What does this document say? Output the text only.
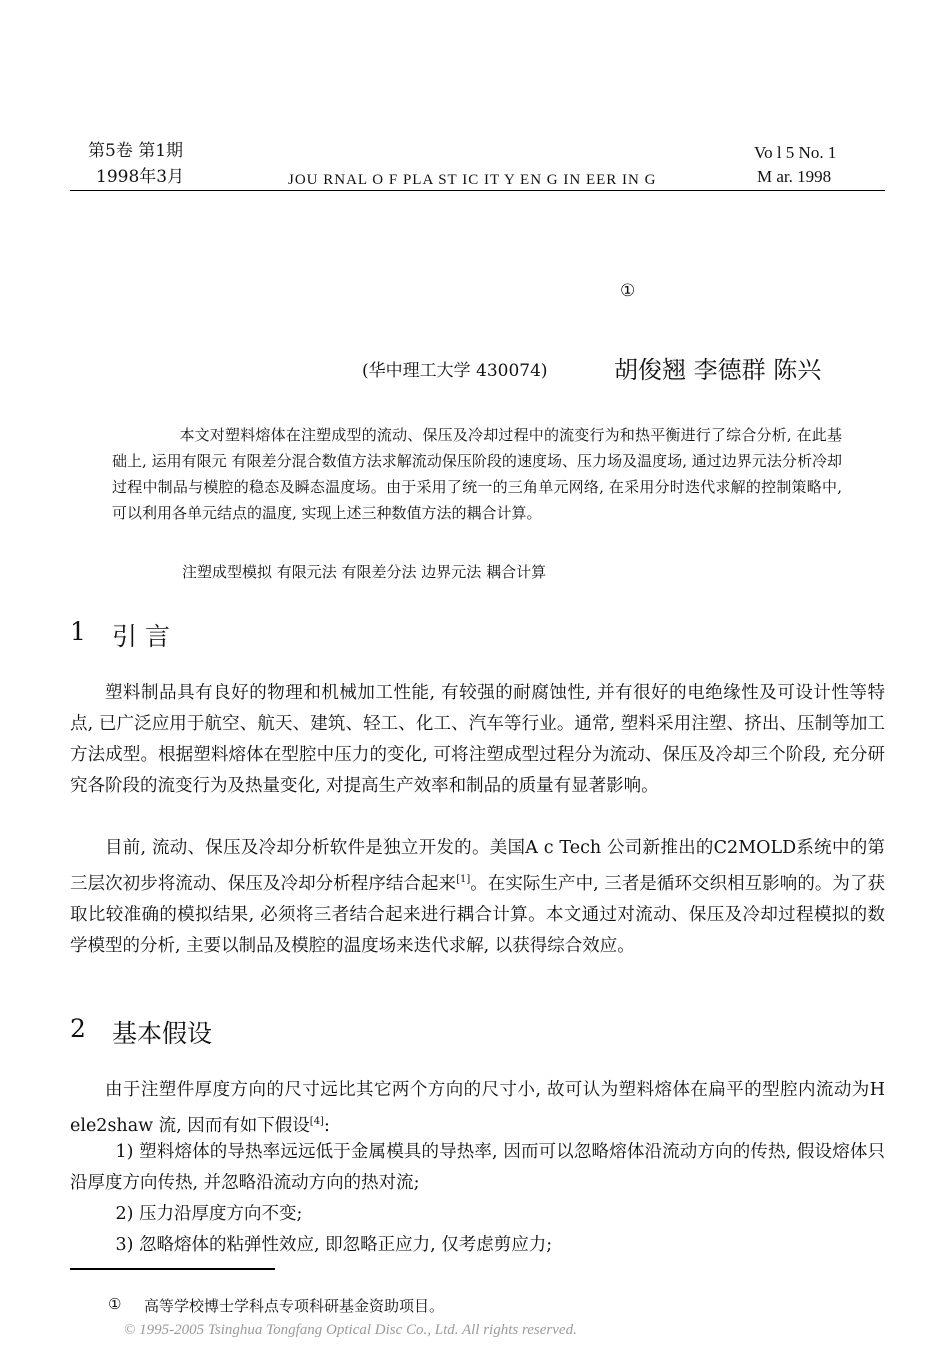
第5卷 第1期
1998年3月	JOU RNAL O F PLA ST IC IT Y EN G IN EER IN G
Vo l 5 No. 1
M ar. 1998
①
(华中理工大学 430074)	胡俊翘 李德群 陈兴

本文对塑料熔体在注塑成型的流动、保压及冷却过程中的流变行为和热平衡进行了综合分析, 在此基础上, 运用有限元 有限差分混合数值方法求解流动保压阶段的速度场、压力场及温度场, 通过边界元法分析冷却过程中制品与模腔的稳态及瞬态温度场。由于采用了统一的三角单元网络, 在采用分时迭代求解的控制策略中, 可以利用各单元结点的温度, 实现上述三种数值方法的耦合计算。

注塑成型模拟 有限元法 有限差分法 边界元法 耦合计算
1 引 言

塑料制品具有良好的物理和机械加工性能, 有较强的耐腐蚀性, 并有很好的电绝缘性及可设计性等特点, 已广泛应用于航空、航天、建筑、轻工、化工、汽车等行业。通常, 塑料采用注塑、挤出、压制等加工方法成型。根据塑料熔体在型腔中压力的变化, 可将注塑成型过程分为流动、保压及冷却三个阶段, 充分研究各阶段的流变行为及热量变化, 对提高生产效率和制品的质量有显著影响。

目前, 流动、保压及冷却分析软件是独立开发的。美国A c Tech 公司新推出的C2MOLD系统中的第三层次初步将流动、保压及冷却分析程序结合起来[1]。在实际生产中, 三者是循环交织相互影响的。为了获取比较准确的模拟结果, 必须将三者结合起来进行耦合计算。本文通过对流动、保压及冷却过程模拟的数学模型的分析, 主要以制品及模腔的温度场来迭代求解, 以获得综合效应。

2 基本假设

由于注塑件厚度方向的尺寸远比其它两个方向的尺寸小, 故可认为塑料熔体在扁平的型腔内流动为H ele2shaw 流, 因而有如下假设[4]:

1) 塑料熔体的导热率远远低于金属模具的导热率, 因而可以忽略熔体沿流动方向的传热, 假设熔体只沿厚度方向传热, 并忽略沿流动方向的热对流;

2) 压力沿厚度方向不变;

3) 忽略熔体的粘弹性效应, 即忽略正应力, 仅考虑剪应力;

① 高等学校博士学科点专项科研基金资助项目。
© 1995-2005 Tsinghua Tongfang Optical Disc Co., Ltd. All rights reserved.
